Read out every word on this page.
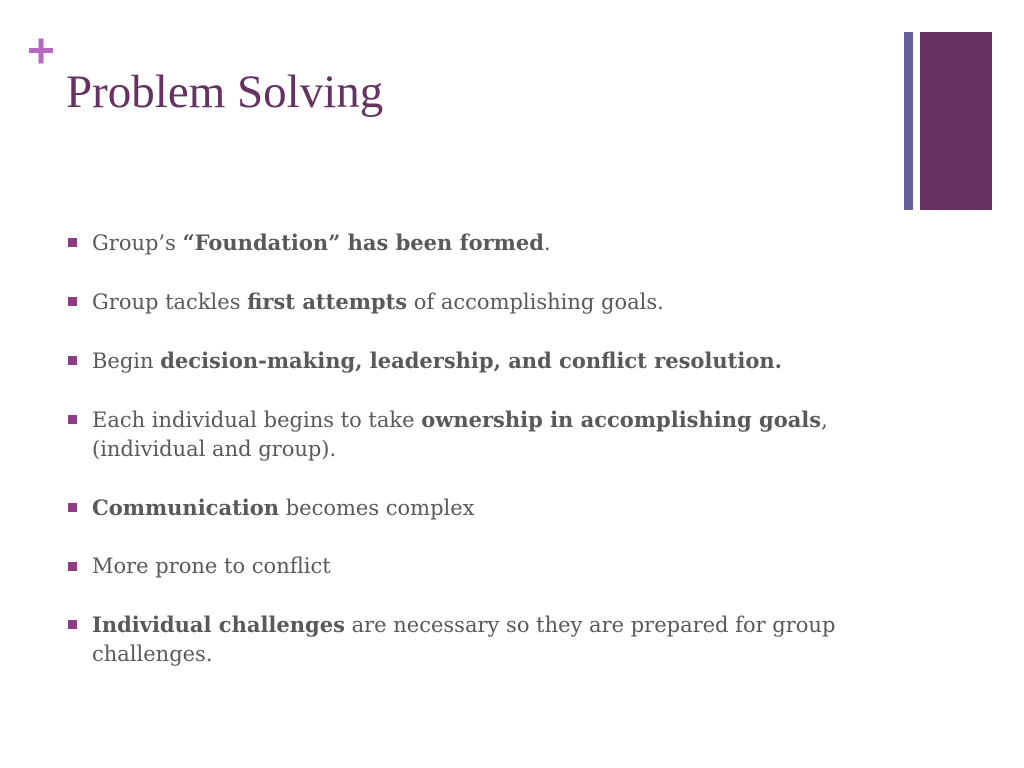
Problem Solving
Group’s “Foundation” has been formed.
Group tackles first attempts of accomplishing goals.
Begin decision-making, leadership, and conflict resolution.
Each individual begins to take ownership in accomplishing goals, (individual and group).
Communication becomes complex
More prone to conflict
Individual challenges are necessary so they are prepared for group challenges.
